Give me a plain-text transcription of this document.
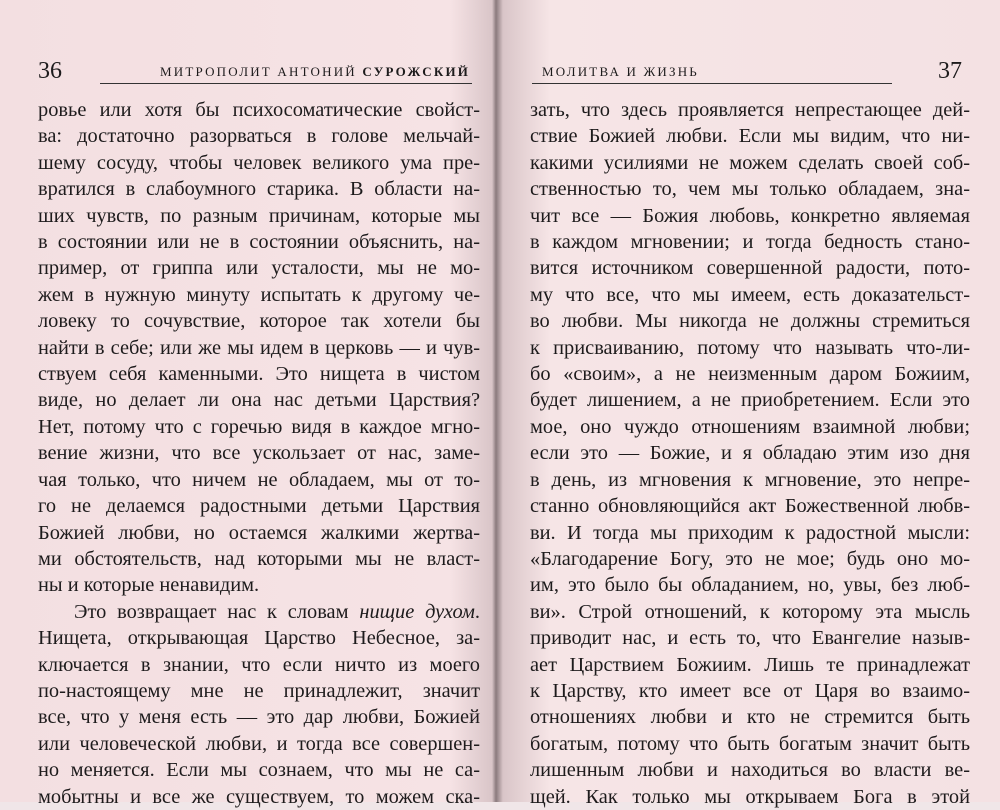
36	МИТРОПОЛИТ АНТОНИЙ СУРОЖСКИЙ
ровье или хотя бы психосоматические свойст-
ва: достаточно разорваться в голове мельчай-
шему сосуду, чтобы человек великого ума пре-
вратился в слабоумного старика. В области на-
ших чувств, по разным причинам, которые мы
в состоянии или не в состоянии объяснить, на-
пример, от гриппа или усталости, мы не мо-
жем в нужную минуту испытать к другому че-
ловеку то сочувствие, которое так хотели бы
найти в себе; или же мы идем в церковь — и чув-
ствуем себя каменными. Это нищета в чистом
виде, но делает ли она нас детьми Царствия?
Нет, потому что с горечью видя в каждое мгно-
вение жизни, что все ускользает от нас, заме-
чая только, что ничем не обладаем, мы от то-
го не делаемся радостными детьми Царствия
Божией любви, но остаемся жалкими жертва-
ми обстоятельств, над которыми мы не власт-
ны и которые ненавидим.
Это возвращает нас к словам нищие духом.
Нищета, открывающая Царство Небесное, за-
ключается в знании, что если ничто из моего
по-настоящему мне не принадлежит, значит
все, что у меня есть — это дар любви, Божией
или человеческой любви, и тогда все совершен-
но меняется. Если мы сознаем, что мы не са-
мобытны и все же существуем, то можем ска-
МОЛИТВА И ЖИЗНЬ	37
зать, что здесь проявляется непрестающее дей-
ствие Божией любви. Если мы видим, что ни-
какими усилиями не можем сделать своей соб-
ственностью то, чем мы только обладаем, зна-
чит все — Божия любовь, конкретно являемая
в каждом мгновении; и тогда бедность стано-
вится источником совершенной радости, пото-
му что все, что мы имеем, есть доказательст-
во любви. Мы никогда не должны стремиться
к присваиванию, потому что называть что-ли-
бо «своим», а не неизменным даром Божиим,
будет лишением, а не приобретением. Если это
мое, оно чуждо отношениям взаимной любви;
если это — Божие, и я обладаю этим изо дня
в день, из мгновения к мгновение, это непре-
станно обновляющийся акт Божественной любв-
ви. И тогда мы приходим к радостной мысли:
«Благодарение Богу, это не мое; будь оно мо-
им, это было бы обладанием, но, увы, без люб-
ви». Строй отношений, к которому эта мысль
приводит нас, и есть то, что Евангелие назыв-
ает Царствием Божиим. Лишь те принадлежат
к Царству, кто имеет все от Царя во взаимо-
отношениях любви и кто не стремится быть
богатым, потому что быть богатым значит быть
лишенным любви и находиться во власти ве-
щей. Как только мы открываем Бога в этой
